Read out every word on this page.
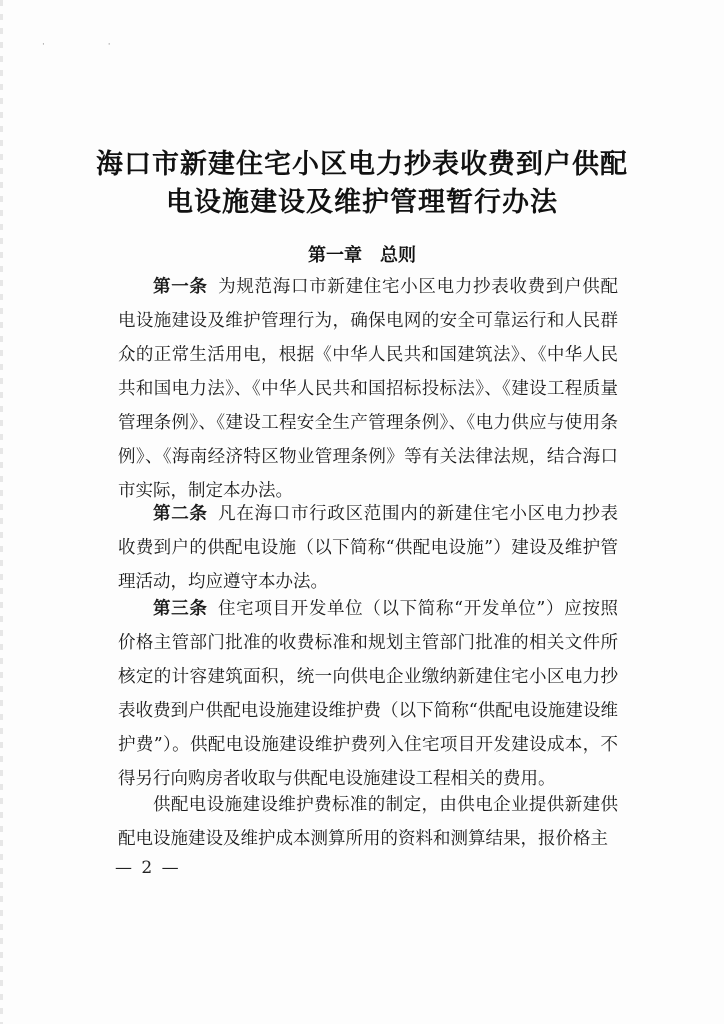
· ·
海口市新建住宅小区电力抄表收费到户供配
电设施建设及维护管理暂行办法
第一章　总则
第一条 为规范海口市新建住宅小区电力抄表收费到户供配电设施建设及维护管理行为，确保电网的安全可靠运行和人民群众的正常生活用电，根据《中华人民共和国建筑法》、《中华人民共和国电力法》、《中华人民共和国招标投标法》、《建设工程质量管理条例》、《建设工程安全生产管理条例》、《电力供应与使用条例》、《海南经济特区物业管理条例》等有关法律法规，结合海口市实际，制定本办法。
第二条 凡在海口市行政区范围内的新建住宅小区电力抄表收费到户的供配电设施（以下简称“供配电设施”）建设及维护管理活动，均应遵守本办法。
第三条 住宅项目开发单位（以下简称“开发单位”）应按照价格主管部门批准的收费标准和规划主管部门批准的相关文件所核定的计容建筑面积，统一向供电企业缴纳新建住宅小区电力抄表收费到户供配电设施建设维护费（以下简称“供配电设施建设维护费”）。供配电设施建设维护费列入住宅项目开发建设成本，不得另行向购房者收取与供配电设施建设工程相关的费用。
供配电设施建设维护费标准的制定，由供电企业提供新建供配电设施建设及维护成本测算所用的资料和测算结果，报价格主
— 2 —
